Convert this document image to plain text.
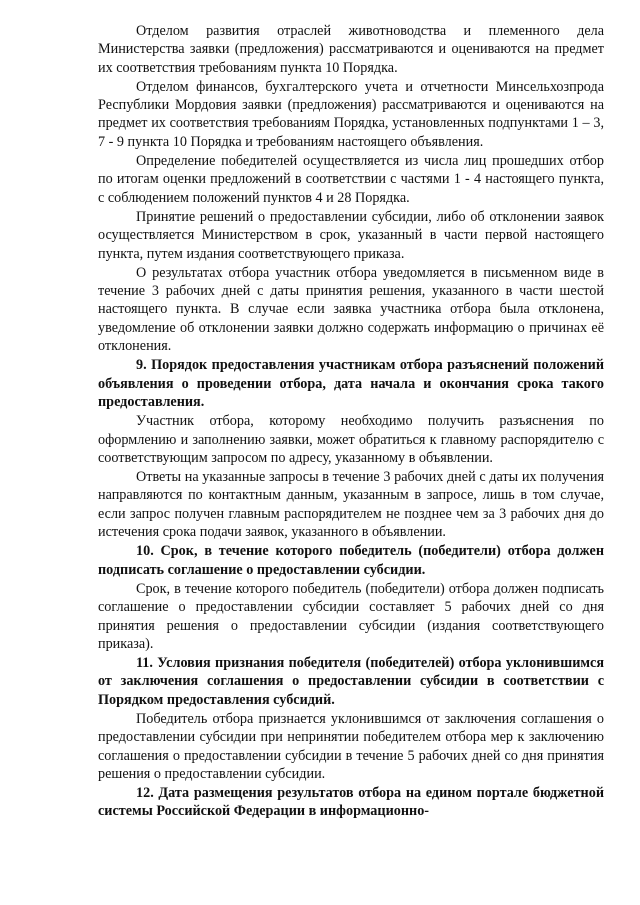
Отделом развития отраслей животноводства и племенного дела Министерства заявки (предложения) рассматриваются и оцениваются на предмет их соответствия требованиям пункта 10 Порядка.

Отделом финансов, бухгалтерского учета и отчетности Минсельхозпрода Республики Мордовия заявки (предложения) рассматриваются и оцениваются на предмет их соответствия требованиям Порядка, установленных подпунктами 1 – 3, 7 - 9 пункта 10 Порядка и требованиям настоящего объявления.

Определение победителей осуществляется из числа лиц прошедших отбор по итогам оценки предложений в соответствии с частями 1 - 4 настоящего пункта, с соблюдением положений пунктов 4 и 28 Порядка.

Принятие решений о предоставлении субсидии, либо об отклонении заявок осуществляется Министерством в срок, указанный в части первой настоящего пункта, путем издания соответствующего приказа.

О результатах отбора участник отбора уведомляется в письменном виде в течение 3 рабочих дней с даты принятия решения, указанного в части шестой настоящего пункта. В случае если заявка участника отбора была отклонена, уведомление об отклонении заявки должно содержать информацию о причинах её отклонения.

9. Порядок предоставления участникам отбора разъяснений положений объявления о проведении отбора, дата начала и окончания срока такого предоставления.

Участник отбора, которому необходимо получить разъяснения по оформлению и заполнению заявки, может обратиться к главному распорядителю с соответствующим запросом по адресу, указанному в объявлении.

Ответы на указанные запросы в течение 3 рабочих дней с даты их получения направляются по контактным данным, указанным в запросе, лишь в том случае, если запрос получен главным распорядителем не позднее чем за 3 рабочих дня до истечения срока подачи заявок, указанного в объявлении.

10. Срок, в течение которого победитель (победители) отбора должен подписать соглашение о предоставлении субсидии.

Срок, в течение которого победитель (победители) отбора должен подписать соглашение о предоставлении субсидии составляет 5 рабочих дней со дня принятия решения о предоставлении субсидии (издания соответствующего приказа).

11. Условия признания победителя (победителей) отбора уклонившимся от заключения соглашения о предоставлении субсидии в соответствии с Порядком предоставления субсидий.

Победитель отбора признается уклонившимся от заключения соглашения о предоставлении субсидии при непринятии победителем отбора мер к заключению соглашения о предоставлении субсидии в течение 5 рабочих дней со дня принятия решения о предоставлении субсидии.

12. Дата размещения результатов отбора на едином портале бюджетной системы Российской Федерации в информационно-
